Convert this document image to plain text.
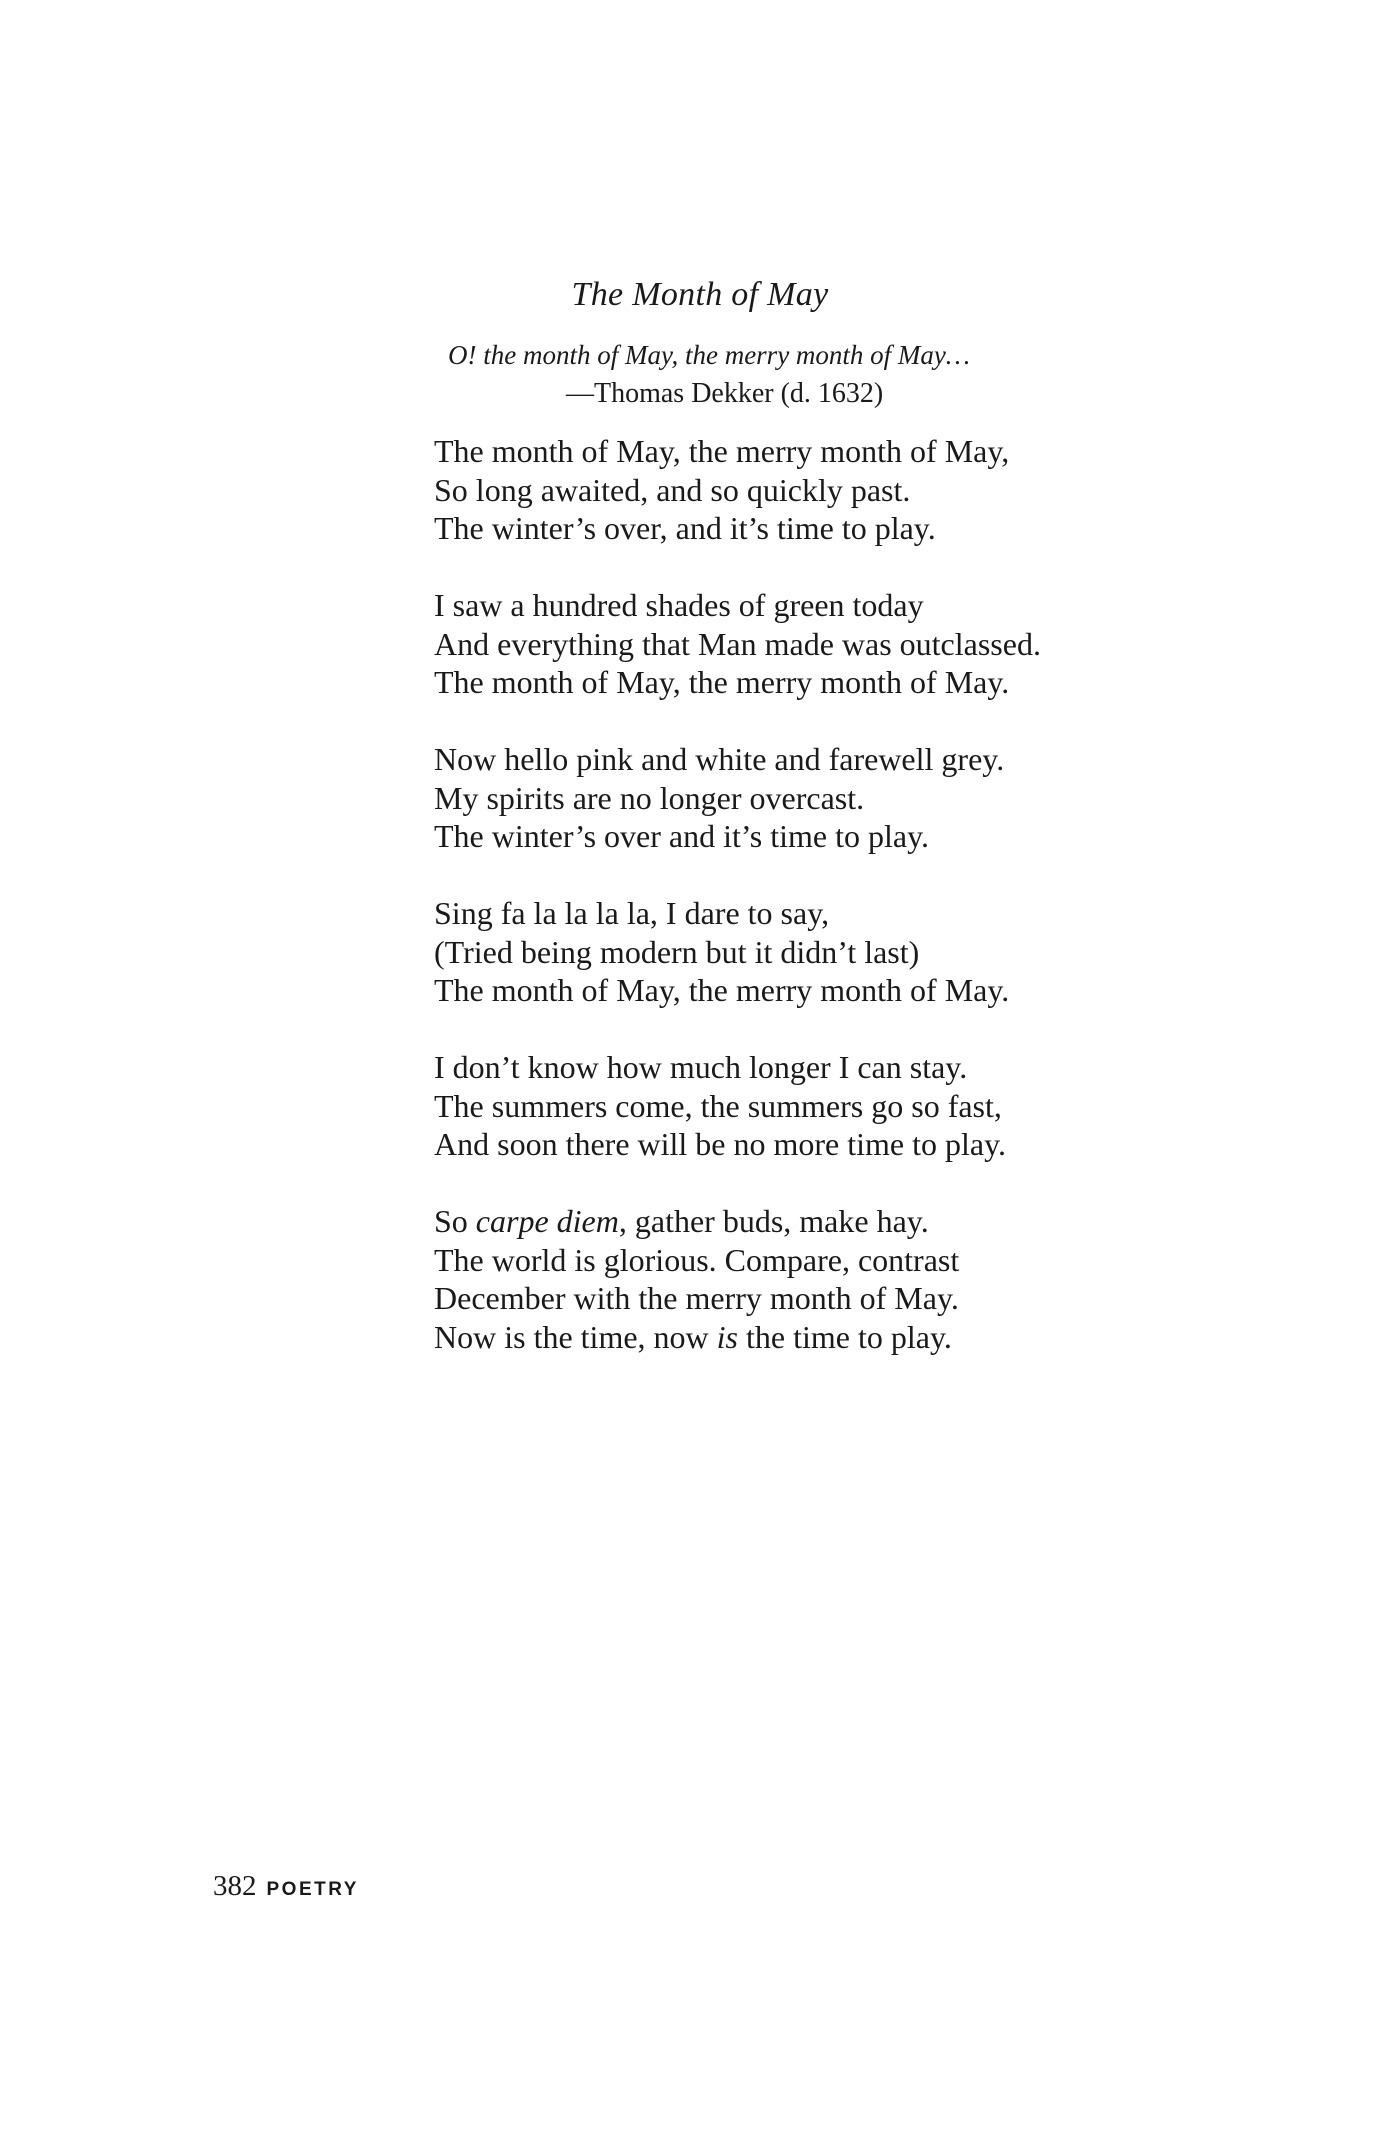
The Month of May
O! the month of May, the merry month of May…
—Thomas Dekker (d. 1632)
The month of May, the merry month of May,
So long awaited, and so quickly past.
The winter’s over, and it’s time to play.
I saw a hundred shades of green today
And everything that Man made was outclassed.
The month of May, the merry month of May.
Now hello pink and white and farewell grey.
My spirits are no longer overcast.
The winter’s over and it’s time to play.
Sing fa la la la la, I dare to say,
(Tried being modern but it didn’t last)
The month of May, the merry month of May.
I don’t know how much longer I can stay.
The summers come, the summers go so fast,
And soon there will be no more time to play.
So carpe diem, gather buds, make hay.
The world is glorious. Compare, contrast
December with the merry month of May.
Now is the time, now is the time to play.
382 POETRY
